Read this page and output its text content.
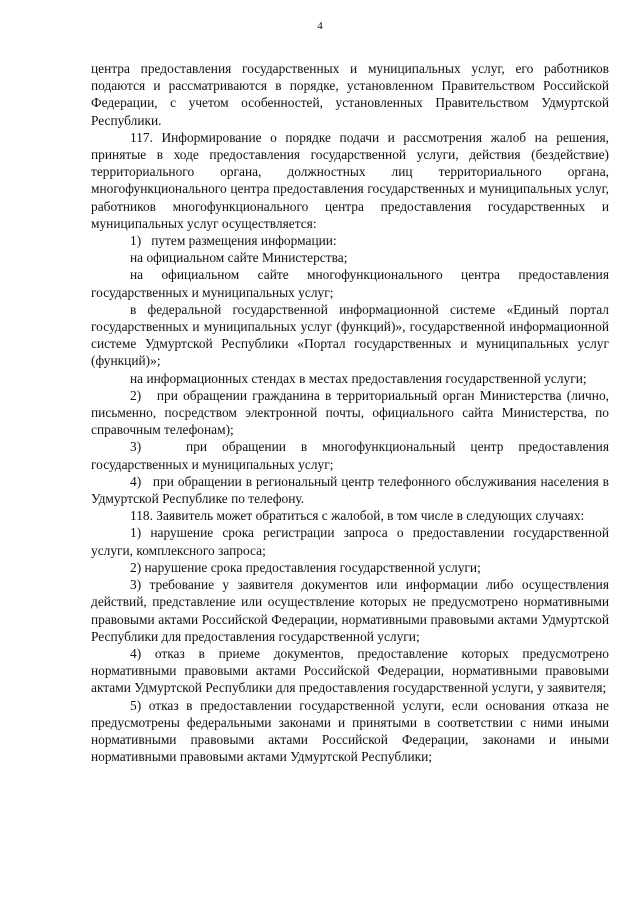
4

центра предоставления государственных и муниципальных услуг, его работников подаются и рассматриваются в порядке, установленном Правительством Российской Федерации, с учетом особенностей, установленных Правительством Удмуртской Республики.

117. Информирование о порядке подачи и рассмотрения жалоб на решения, принятые в ходе предоставления государственной услуги, действия (бездействие) территориального органа, должностных лиц территориального органа, многофункционального центра предоставления государственных и муниципальных услуг, работников многофункционального центра предоставления государственных и муниципальных услуг осуществляется:

1)   путем размещения информации:

на официальном сайте Министерства;

на официальном сайте многофункционального центра предоставления государственных и муниципальных услуг;

в федеральной государственной информационной системе «Единый портал государственных и муниципальных услуг (функций)», государственной информационной системе Удмуртской Республики «Портал государственных и муниципальных услуг (функций)»;

на информационных стендах в местах предоставления государственной услуги;

2)   при обращении гражданина в территориальный орган Министерства (лично, письменно, посредством электронной почты, официального сайта Министерства, по справочным телефонам);

3)   при обращении в многофункциональный центр предоставления государственных и муниципальных услуг;

4)   при обращении в региональный центр телефонного обслуживания населения в Удмуртской Республике по телефону.

118. Заявитель может обратиться с жалобой, в том числе в следующих случаях:

1) нарушение срока регистрации запроса о предоставлении государственной услуги, комплексного запроса;

2) нарушение срока предоставления государственной услуги;

3) требование у заявителя документов или информации либо осуществления действий, представление или осуществление которых не предусмотрено нормативными правовыми актами Российской Федерации, нормативными правовыми актами Удмуртской Республики для предоставления государственной услуги;

4) отказ в приеме документов, предоставление которых предусмотрено нормативными правовыми актами Российской Федерации, нормативными правовыми актами Удмуртской Республики для предоставления государственной услуги, у заявителя;

5) отказ в предоставлении государственной услуги, если основания отказа не предусмотрены федеральными законами и принятыми в соответствии с ними иными нормативными правовыми актами Российской Федерации, законами и иными нормативными правовыми актами Удмуртской Республики;
